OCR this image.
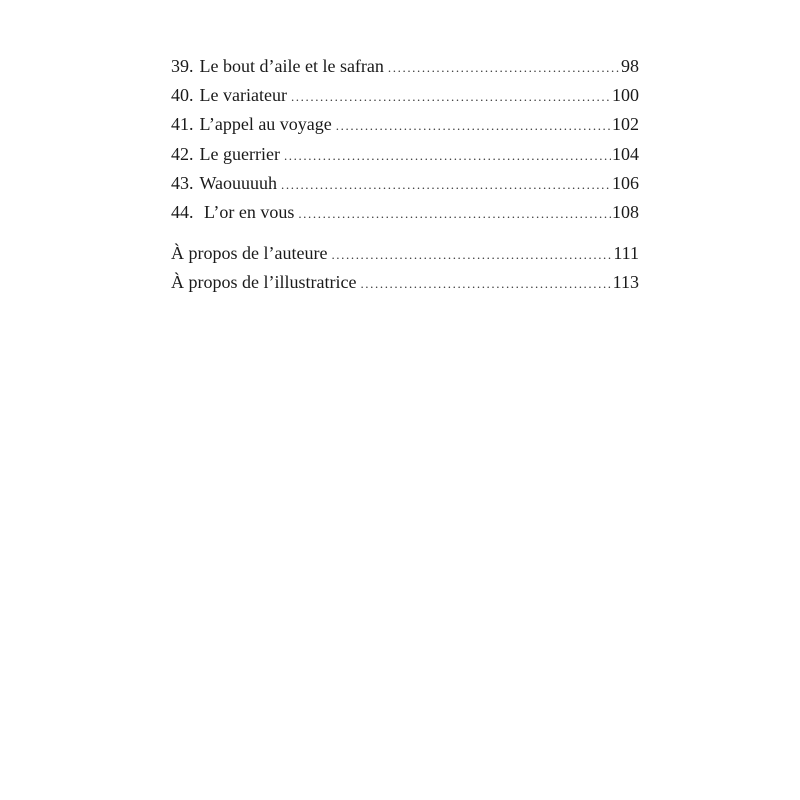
39. Le bout d’aile et le safran .....	98
40. Le variateur .....	100
41. L’appel au voyage .....	102
42. Le guerrier .....	104
43. Waouuuuh .....	106
44. L’or en vous .....	108
À propos de l’auteure .....	111
À propos de l’illustratrice .....	113
